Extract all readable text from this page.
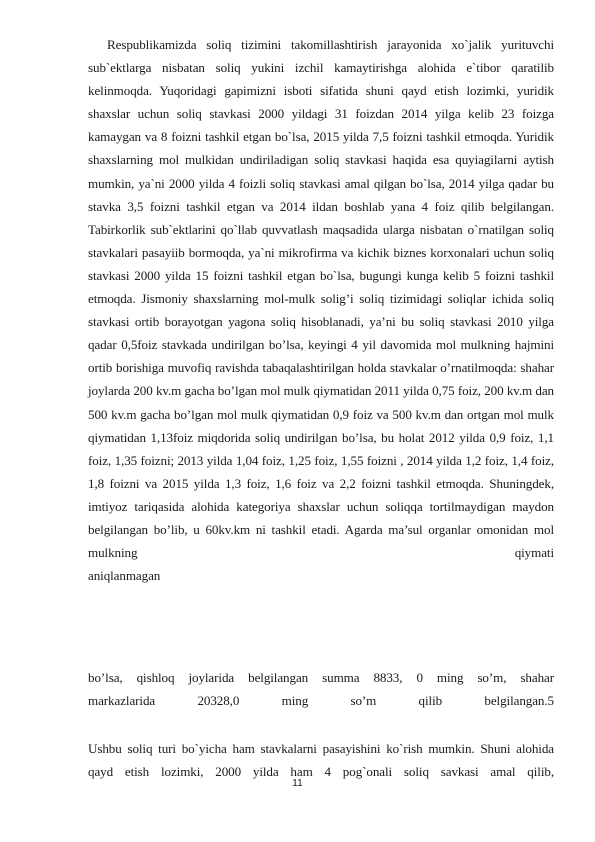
Respublikamizda soliq tizimini takomillashtirish jarayonida xo`jalik yurituvchi sub`ektlarga nisbatan soliq yukini izchil kamaytirishga alohida e`tibor qaratilib kelinmoqda. Yuqoridagi gapimizni isboti sifatida shuni qayd etish lozimki, yuridik shaxslar uchun soliq stavkasi 2000 yildagi 31 foizdan 2014 yilga kelib 23 foizga kamaygan va 8 foizni tashkil etgan bo`lsa, 2015 yilda 7,5 foizni tashkil etmoqda. Yuridik shaxslarning mol mulkidan undiriladigan soliq stavkasi haqida esa quyiagilarni aytish mumkin, ya`ni 2000 yilda 4 foizli soliq stavkasi amal qilgan bo`lsa, 2014 yilga qadar bu stavka 3,5 foizni tashkil etgan va 2014 ildan boshlab yana 4 foiz qilib belgilangan. Tabirkorlik sub`ektlarini qo`llab quvvatlash maqsadida ularga nisbatan o`rnatilgan soliq stavkalari pasayiib bormoqda, ya`ni mikrofirma va kichik biznes korxonalari uchun soliq stavkasi 2000 yilda 15 foizni tashkil etgan bo`lsa, bugungi kunga kelib 5 foizni tashkil etmoqda. Jismoniy shaxslarning mol-mulk solig’i soliq tizimidagi soliqlar ichida soliq stavkasi ortib borayotgan yagona soliq hisoblanadi, ya’ni bu soliq stavkasi 2010 yilga qadar 0,5foiz stavkada undirilgan bo’lsa, keyingi 4 yil davomida mol mulkning hajmini ortib borishiga muvofiq ravishda tabaqalashtirilgan holda stavkalar o’rnatilmoqda: shahar joylarda 200 kv.m gacha bo’lgan mol mulk qiymatidan 2011 yilda 0,75 foiz, 200 kv.m dan 500 kv.m gacha bo’lgan mol mulk qiymatidan 0,9 foiz va 500 kv.m dan ortgan mol mulk qiymatidan 1,13foiz miqdorida soliq undirilgan bo’lsa, bu holat 2012 yilda 0,9 foiz, 1,1 foiz, 1,35 foizni; 2013 yilda 1,04 foiz, 1,25 foiz, 1,55 foizni , 2014 yilda 1,2 foiz, 1,4 foiz, 1,8 foizni va 2015 yilda 1,3 foiz, 1,6 foiz va 2,2 foizni tashkil etmoqda. Shuningdek, imtiyoz tariqasida alohida kategoriya shaxslar uchun soliqqa tortilmaydigan maydon belgilangan bo’lib, u 60kv.km ni tashkil etadi. Agarda ma’sul organlar omonidan mol mulkning qiymati
aniqlanmagan
bo’lsa, qishloq joylarida belgilangan summa 8833, 0 ming so’m, shahar
markazlarida 20328,0 ming so’m qilib belgilangan.5
Ushbu soliq turi bo`yicha ham stavkalarni pasayishini ko`rish mumkin. Shuni alohida qayd etish lozimki, 2000 yilda ham 4 pog`onali soliq savkasi amal qilib,
11
